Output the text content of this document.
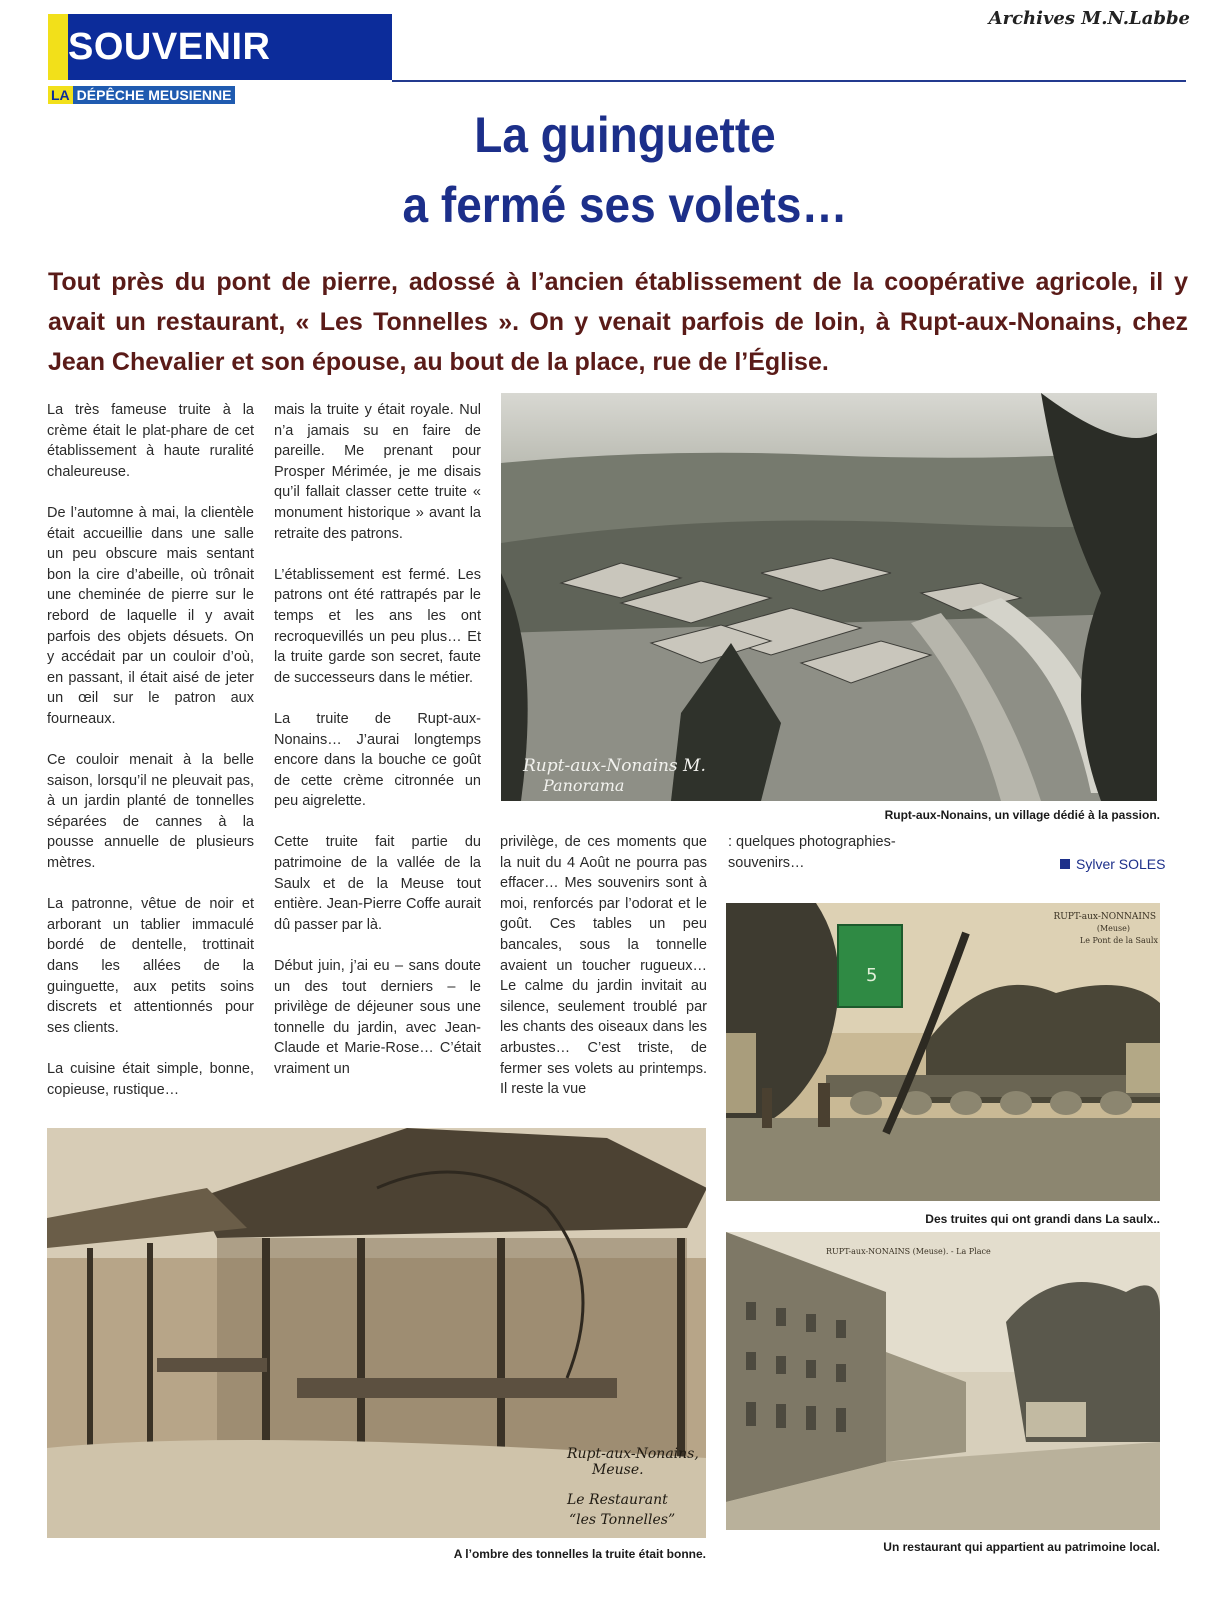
SOUVENIR
LA DÉPÊCHE MEUSIENNE
Archives M.N.Labbe
La guinguette
a fermé ses volets…
Tout près du pont de pierre, adossé à l’ancien établissement de la coopérative agricole, il y avait un restaurant, « Les Tonnelles ». On y venait parfois de loin, à Rupt-aux-Nonains, chez Jean Chevalier et son épouse, au bout de la place, rue de l’Église.

La très fameuse truite à la crème était le plat-phare de cet établissement à haute ruralité chaleureuse.

De l’automne à mai, la clientèle était accueillie dans une salle un peu obscure mais sentant bon la cire d’abeille, où trônait une cheminée de pierre sur le rebord de laquelle il y avait parfois des objets désuets. On y accédait par un couloir d’où, en passant, il était aisé de jeter un œil sur le patron aux fourneaux.

Ce couloir menait à la belle saison, lorsqu’il ne pleuvait pas, à un jardin planté de tonnelles séparées de cannes à la pousse annuelle de plusieurs mètres.

La patronne, vêtue de noir et arborant un tablier immaculé bordé de dentelle, trottinait dans les allées de la guinguette, aux petits soins discrets et attentionnés pour ses clients.

La cuisine était simple, bonne, copieuse, rustique…

mais la truite y était royale. Nul n’a jamais su en faire de pareille. Me prenant pour Prosper Mérimée, je me disais qu’il fallait classer cette truite « monument historique » avant la retraite des patrons.

L’établissement est fermé. Les patrons ont été rattrapés par le temps et les ans les ont recroquevillés un peu plus… Et la truite garde son secret, faute de successeurs dans le métier.

La truite de Rupt-aux-Nonains… J’aurai longtemps encore dans la bouche ce goût de cette crème citronnée un peu aigrelette.

Cette truite fait partie du patrimoine de la vallée de la Saulx et de la Meuse tout entière. Jean-Pierre Coffe aurait dû passer par là.

Début juin, j’ai eu – sans doute un des tout derniers – le privilège de déjeuner sous une tonnelle du jardin, avec Jean-Claude et Marie-Rose… C’était vraiment un

privilège, de ces moments que la nuit du 4 Août ne pourra pas effacer… Mes souvenirs sont à moi, renforcés par l’odorat et le goût. Ces tables un peu bancales, sous la tonnelle avaient un toucher rugueux… Le calme du jardin invitait au silence, seulement troublé par les chants des oiseaux dans les arbustes… C’est triste, de fermer ses volets au printemps. Il reste la vue

: quelques photographies-souvenirs…	Sylver SOLES
Rupt-aux-Nonains M.
Panorama
Rupt-aux-Nonains, un village dédié à la passion.
5
RUPT-aux-NONNAINS
(Meuse)
Le Pont de la Saulx
Des truites qui ont grandi dans La saulx..
RUPT-aux-NONAINS (Meuse). - La Place
Un restaurant qui appartient au patrimoine local.
Rupt-aux-Nonains,
Meuse.
Le Restaurant
“les Tonnelles”
A l’ombre des tonnelles la truite était bonne.
